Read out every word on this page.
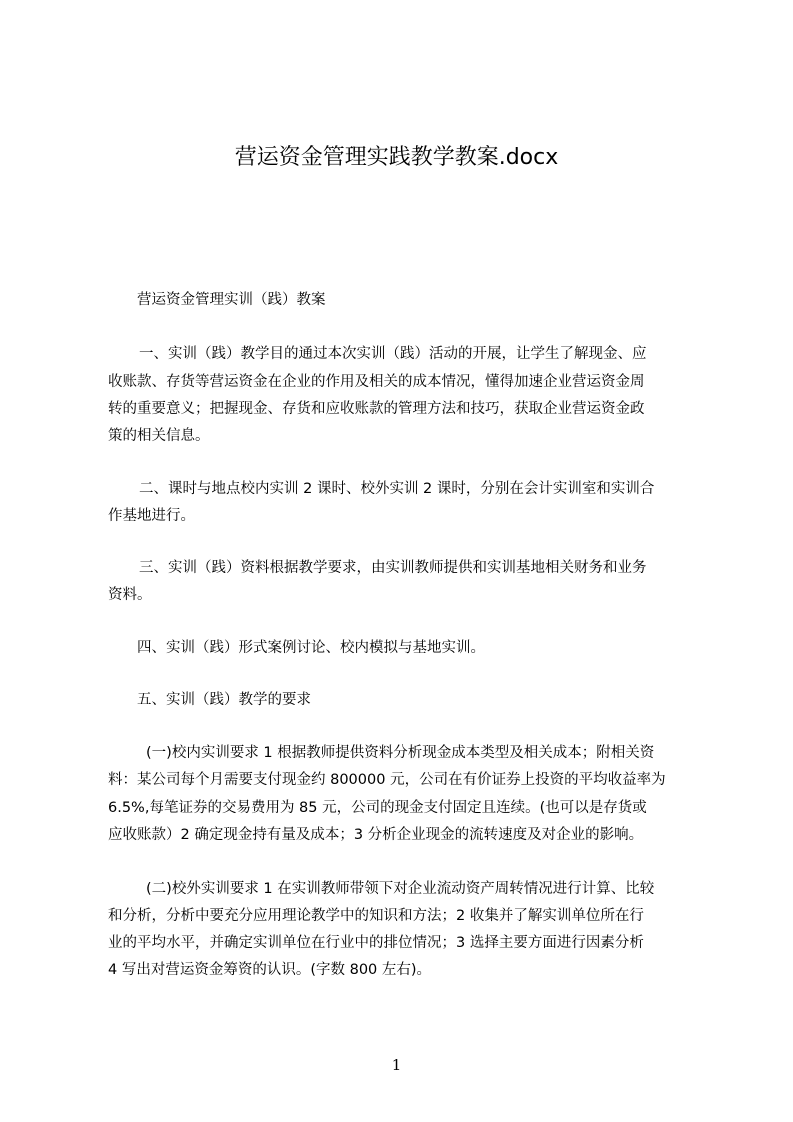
营运资金管理实践教学教案.docx
营运资金管理实训（践）教案
一、实训（践）教学目的通过本次实训（践）活动的开展，让学生了解现金、应
收账款、存货等营运资金在企业的作用及相关的成本情况，懂得加速企业营运资金周
转的重要意义；把握现金、存货和应收账款的管理方法和技巧，获取企业营运资金政
策的相关信息。
二、课时与地点校内实训 2 课时、校外实训 2 课时，分别在会计实训室和实训合
作基地进行。
三、实训（践）资料根据教学要求，由实训教师提供和实训基地相关财务和业务
资料。
四、实训（践）形式案例讨论、校内模拟与基地实训。
五、实训（践）教学的要求
(一)校内实训要求 1 根据教师提供资料分析现金成本类型及相关成本；附相关资
料：某公司每个月需要支付现金约 800000 元，公司在有价证券上投资的平均收益率为
6.5%,每笔证券的交易费用为 85 元，公司的现金支付固定且连续。(也可以是存货或
应收账款）2 确定现金持有量及成本；3 分析企业现金的流转速度及对企业的影响。
(二)校外实训要求 1 在实训教师带领下对企业流动资产周转情况进行计算、比较
和分析，分析中要充分应用理论教学中的知识和方法；2 收集并了解实训单位所在行
业的平均水平，并确定实训单位在行业中的排位情况；3 选择主要方面进行因素分析
4 写出对营运资金筹资的认识。(字数 800 左右)。
1
